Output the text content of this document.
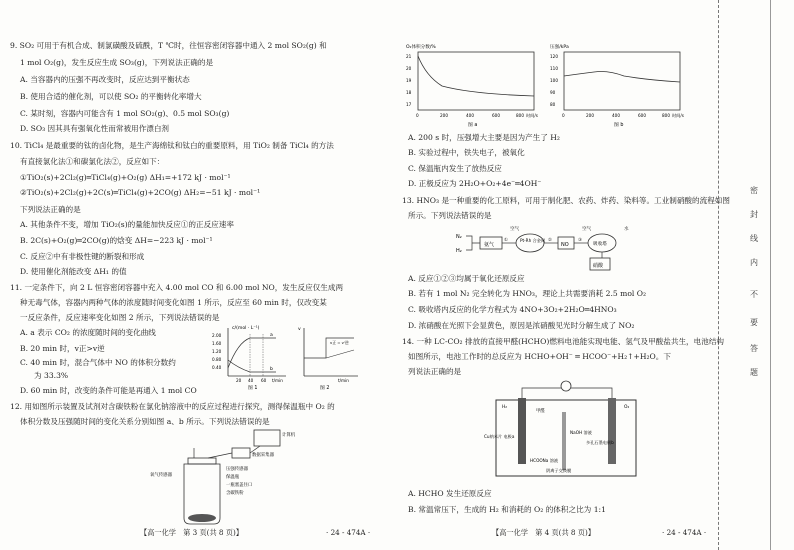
9. SO₂ 可用于有机合成、制氯磺酸及硫酰，T ℃时，往恒容密闭容器中通入 2 mol SO₂(g) 和
1 mol O₂(g)，发生反应生成 SO₃(g)，下列说法正确的是
A. 当容器内的压强不再改变时，反应达到平衡状态
B. 使用合适的催化剂，可以使 SO₂ 的平衡转化率增大
C. 某时刻，容器内可能含有 1 mol SO₂(g)、0.5 mol SO₃(g)
D. SO₃ 因其具有强氧化性而常被用作漂白剂
10. TiCl₄ 是最重要的钛的卤化物，是生产海绵钛和钛白的重要原料，用 TiO₂ 制备 TiCl₄ 的方法
有直接氯化法①和碳氯化法②，反应如下：
①TiO₂(s)+2Cl₂(g)═TiCl₄(g)+O₂(g) ΔH₁=+172 kJ · mol⁻¹
②TiO₂(s)+2Cl₂(g)+2C(s)═TiCl₄(g)+2CO(g) ΔH₂=−51 kJ · mol⁻¹
下列说法正确的是
A. 其他条件不变，增加 TiO₂(s)的量能加快反应①的正反应速率
B. 2C(s)+O₂(g)═2CO(g)的焓变 ΔH=−223 kJ · mol⁻¹
C. 反应②中有非极性键的断裂和形成
D. 使用催化剂能改变 ΔH₁ 的值
11. 一定条件下，向 2 L 恒容密闭容器中充入 4.00 mol CO 和 6.00 mol NO，发生反应仅生成两
种无毒气体，容器内两种气体的浓度随时间变化如图 1 所示，反应至 60 min 时，仅改变某
一反应条件，反应速率变化如图 2 所示，下列说法错误的是
A. a 表示 CO₂ 的浓度随时间的变化曲线
B. 20 min 时，v正>v逆
C. 40 min 时，混合气体中 NO 的体积分数约
为 33.3%
D. 60 min 时，改变的条件可能是再通入 1 mol CO
12. 用如图所示装置及试剂对含碳铁粉在氯化钠溶液中的反应过程进行探究，测得保温瓶中 O₂ 的
体积分数及压强随时间的变化关系分别如图 a、b 所示。下列说法错误的是
c/(mol · L⁻¹)
2.00
1.60
1.20
0.80
0.40
a
b
20 40 60 t/min
图 1
v
v正 = v'逆
t/min
图 2
计算机
数据采集器
压强传感器
保温瓶
氧气传感器
一瓶塞盖住口
含碳铁粉
【高一化学　第 3 页(共 8 页)】	· 24 - 474A ·
O₂体积分数/%
21
20
19
18
17
0	200	400	600	800 时间/s
图 a
压强/kPa
120
110
100
90
80
0	200	400	600	800 时间/s
图 b
A. 200 s 时，压强增大主要是因为产生了 H₂
B. 实验过程中，铁失电子，被氧化
C. 保温瓶内发生了放热反应
D. 正极反应为 2H₂O+O₂+4e⁻═4OH⁻
13. HNO₃ 是一种重要的化工原料，可用于制化肥、农药、炸药、染料等。工业制硝酸的流程如图
所示。下列说法错误的是
N₂
H₂
氨气
①
空气
Pt-Rh 合金网 ②
NO
③
吸收塔
空气	水
硝酸
A. 反应①②③均属于氧化还原反应
B. 若有 1 mol N₂ 完全转化为 HNO₃，理论上共需要消耗 2.5 mol O₂
C. 吸收塔内反应的化学方程式为 4NO+3O₂+2H₂O═4HNO₃
D. 浓硝酸在光照下会显黄色，原因是浓硝酸见光时分解生成了 NO₂
14. 一种 LC-CO₂ 排放的直接甲醛(HCHO)燃料电池能实现电能、氢气及甲酸盐共生，电池结构
如图所示，电池工作时的总反应为 HCHO+OH⁻ ═ HCOO⁻+H₂↑+H₂O。下
列说法正确的是
甲醛
NaOH 溶液
Cu纳米片 电极a
多孔石墨电极b
HCOONa 溶液
阴离子交换膜
O₂
H₂
A. HCHO 发生还原反应
B. 常温常压下，生成的 H₂ 和消耗的 O₂ 的体积之比为 1:1
【高一化学　第 4 页(共 8 页)】	· 24 - 474A ·
密
封
线
内
不
要
答
题
